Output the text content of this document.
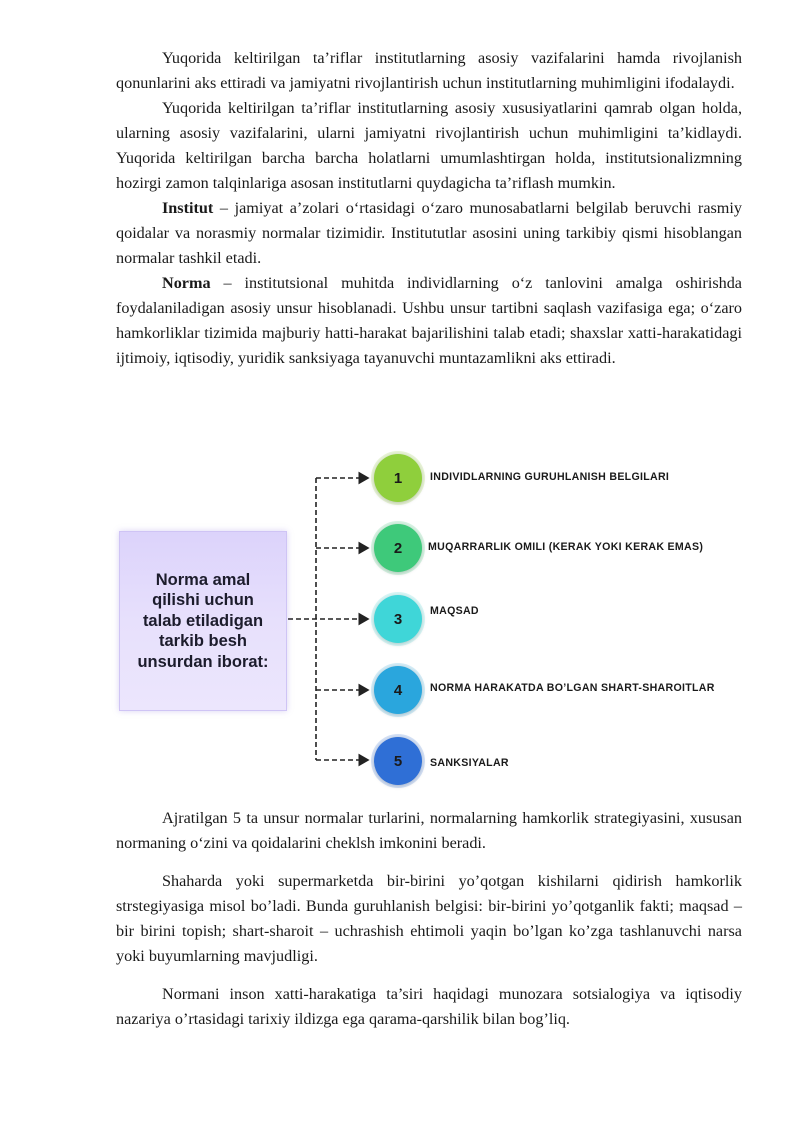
Yuqorida keltirilgan ta’riflar institutlarning asosiy vazifalarini hamda rivojlanish qonunlarini aks ettiradi va jamiyatni rivojlantirish uchun institutlarning muhimligini ifodalaydi.

Yuqorida keltirilgan ta’riflar institutlarning asosiy xususiyatlarini qamrab olgan holda, ularning asosiy vazifalarini, ularni jamiyatni rivojlantirish uchun muhimligini ta’kidlaydi. Yuqorida keltirilgan barcha barcha holatlarni umumlashtirgan holda, institutsionalizmning hozirgi zamon talqinlariga asosan institutlarni quydagicha ta’riflash mumkin.

Institut – jamiyat a’zolari o‘rtasidagi o‘zaro munosabatlarni belgilab beruvchi rasmiy qoidalar va norasmiy normalar tizimidir. Institututlar asosini uning tarkibiy qismi hisoblangan normalar tashkil etadi.

Norma – institutsional muhitda individlarning o‘z tanlovini amalga oshirishda foydalaniladigan asosiy unsur hisoblanadi. Ushbu unsur tartibni saqlash vazifasiga ega; o‘zaro hamkorliklar tizimida majburiy hatti-harakat bajarilishini talab etadi; shaxslar xatti-harakatidagi ijtimoiy, iqtisodiy, yuridik sanksiyaga tayanuvchi muntazamlikni aks ettiradi.

Norma amal qilishi uchun talab etiladigan tarkib besh unsurdan iborat:
1	INDIVIDLARNING GURUHLANISH BELGILARI
2 MUQARRARLIK OMILI (KERAK YOKI KERAK EMAS)
3	MAQSAD
4	NORMA HARAKATDA BO’LGAN SHART-SHAROITLAR
5	SANKSIYALAR

Ajratilgan 5 ta unsur normalar turlarini, normalarning hamkorlik strategiyasini, xususan normaning o‘zini va qoidalarini cheklsh imkonini beradi.

Shaharda yoki supermarketda bir-birini yo’qotgan kishilarni qidirish hamkorlik strstegiyasiga misol bo’ladi. Bunda guruhlanish belgisi: bir-birini yo’qotganlik fakti; maqsad – bir birini topish; shart-sharoit – uchrashish ehtimoli yaqin bo’lgan ko’zga tashlanuvchi narsa yoki buyumlarning mavjudligi.

Normani inson xatti-harakatiga ta’siri haqidagi munozara sotsialogiya va iqtisodiy nazariya o’rtasidagi tarixiy ildizga ega qarama-qarshilik bilan bog’liq.
